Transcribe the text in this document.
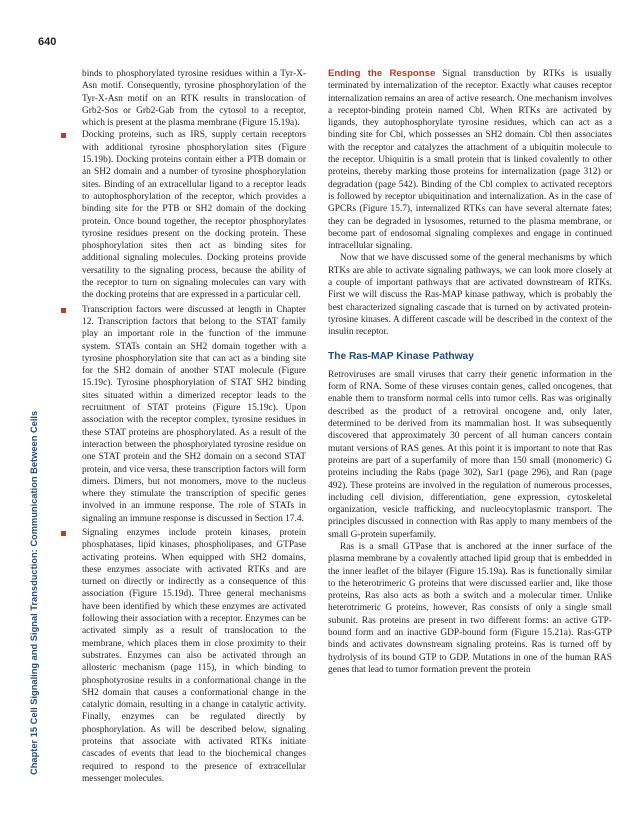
640
Chapter 15 Cell Signaling and Signal Transduction: Communication Between Cells

binds to phosphorylated tyrosine residues within a Tyr-X-Asn motif. Consequently, tyrosine phosphorylation of the Tyr-X-Asn motif on an RTK results in translocation of Grb2-Sos or Grb2-Gab from the cytosol to a receptor, which is present at the plasma membrane (Figure 15.19a).

Docking proteins, such as IRS, supply certain receptors with additional tyrosine phosphorylation sites (Figure 15.19b). Docking proteins contain either a PTB domain or an SH2 domain and a number of tyrosine phosphorylation sites. Binding of an extracellular ligand to a receptor leads to autophosphorylation of the receptor, which provides a binding site for the PTB or SH2 domain of the docking protein. Once bound together, the receptor phosphorylates tyrosine residues present on the docking protein. These phosphorylation sites then act as binding sites for additional signaling molecules. Docking proteins provide versatility to the signaling process, because the ability of the receptor to turn on signaling molecules can vary with the docking proteins that are expressed in a particular cell.

Transcription factors were discussed at length in Chapter 12. Transcription factors that belong to the STAT family play an important role in the function of the immune system. STATs contain an SH2 domain together with a tyrosine phosphorylation site that can act as a binding site for the SH2 domain of another STAT molecule (Figure 15.19c). Tyrosine phosphorylation of STAT SH2 binding sites situated within a dimerized receptor leads to the recruitment of STAT proteins (Figure 15.19c). Upon association with the receptor complex, tyrosine residues in these STAT proteins are phosphorylated. As a result of the interaction between the phosphorylated tyrosine residue on one STAT protein and the SH2 domain on a second STAT protein, and vice versa, these transcription factors will form dimers. Dimers, but not monomers, move to the nucleus where they stimulate the transcription of specific genes involved in an immune response. The role of STATs in signaling an immune response is discussed in Section 17.4.

Signaling enzymes include protein kinases, protein phosphatases, lipid kinases, phospholipases, and GTPase activating proteins. When equipped with SH2 domains, these enzymes associate with activated RTKs and are turned on directly or indirectly as a consequence of this association (Figure 15.19d). Three general mechanisms have been identified by which these enzymes are activated following their association with a receptor. Enzymes can be activated simply as a result of translocation to the membrane, which places them in close proximity to their substrates. Enzymes can also be activated through an allosteric mechanism (page 115), in which binding to phosphotyrosine results in a conformational change in the SH2 domain that causes a conformational change in the catalytic domain, resulting in a change in catalytic activity. Finally, enzymes can be regulated directly by phosphorylation. As will be described below, signaling proteins that associate with activated RTKs initiate cascades of events that lead to the biochemical changes required to respond to the presence of extracellular messenger molecules.

Ending the Response Signal transduction by RTKs is usually terminated by internalization of the receptor. Exactly what causes receptor internalization remains an area of active research. One mechanism involves a receptor-binding protein named Cbl. When RTKs are activated by ligands, they autophosphorylate tyrosine residues, which can act as a binding site for Cbl, which possesses an SH2 domain. Cbl then associates with the receptor and catalyzes the attachment of a ubiquitin molecule to the receptor. Ubiquitin is a small protein that is linked covalently to other proteins, thereby marking those proteins for internalization (page 312) or degradation (page 542). Binding of the Cbl complex to activated receptors is followed by receptor ubiquitination and internalization. As in the case of GPCRs (Figure 15.7), internalized RTKs can have several alternate fates; they can be degraded in lysosomes, returned to the plasma membrane, or become part of endosomal signaling complexes and engage in continued intracellular signaling.

Now that we have discussed some of the general mechanisms by which RTKs are able to activate signaling pathways, we can look more closely at a couple of important pathways that are activated downstream of RTKs. First we will discuss the Ras-MAP kinase pathway, which is probably the best characterized signaling cascade that is turned on by activated protein-tyrosine kinases. A different cascade will be described in the context of the insulin receptor.

The Ras-MAP Kinase Pathway

Retroviruses are small viruses that carry their genetic information in the form of RNA. Some of these viruses contain genes, called oncogenes, that enable them to transform normal cells into tumor cells. Ras was originally described as the product of a retroviral oncogene and, only later, determined to be derived from its mammalian host. It was subsequently discovered that approximately 30 percent of all human cancers contain mutant versions of RAS genes. At this point it is important to note that Ras proteins are part of a superfamily of more than 150 small (monomeric) G proteins including the Rabs (page 302), Sar1 (page 296), and Ran (page 492). These proteins are involved in the regulation of numerous processes, including cell division, differentiation, gene expression, cytoskeletal organization, vesicle trafficking, and nucleocytoplasmic transport. The principles discussed in connection with Ras apply to many members of the small G-protein superfamily.

Ras is a small GTPase that is anchored at the inner surface of the plasma membrane by a covalently attached lipid group that is embedded in the inner leaflet of the bilayer (Figure 15.19a). Ras is functionally similar to the heterotrimeric G proteins that were discussed earlier and, like those proteins, Ras also acts as both a switch and a molecular timer. Unlike heterotrimeric G proteins, however, Ras consists of only a single small subunit. Ras proteins are present in two different forms: an active GTP-bound form and an inactive GDP-bound form (Figure 15.21a). Ras-GTP binds and activates downstream signaling proteins. Ras is turned off by hydrolysis of its bound GTP to GDP. Mutations in one of the human RAS genes that lead to tumor formation prevent the protein
